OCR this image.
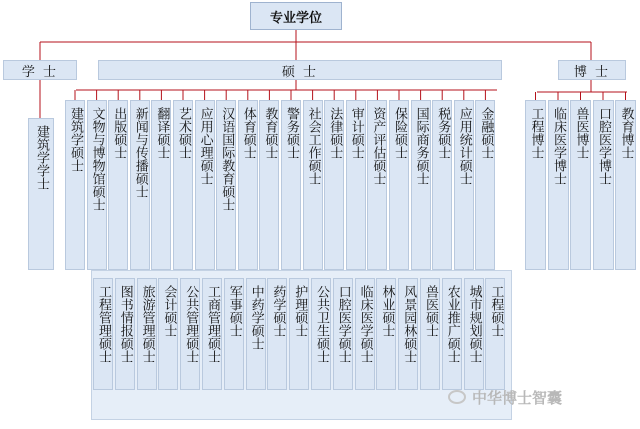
专业学位
学 士	硕 士	博 士
建筑学学士 建筑学硕士 文物与博物馆硕士 出版硕士 新闻与传播硕士 翻译硕士 艺术硕士 应用心理硕士 汉语国际教育硕士 体育硕士 教育硕士 警务硕士 社会工作硕士 法律硕士 审计硕士 资产评估硕士 保险硕士 国际商务硕士 税务硕士 应用统计硕士 金融硕士
工程管理硕士 图书情报硕士 旅游管理硕士 会计硕士 公共管理硕士 工商管理硕士 军事硕士 中药学硕士 药学硕士 护理硕士 公共卫生硕士 口腔医学硕士 临床医学硕士 林业硕士 风景园林硕士 兽医硕士 农业推广硕士 城市规划硕士 工程硕士
工程博士 临床医学博士 兽医博士 口腔医学博士 教育博士
中华博士智囊
